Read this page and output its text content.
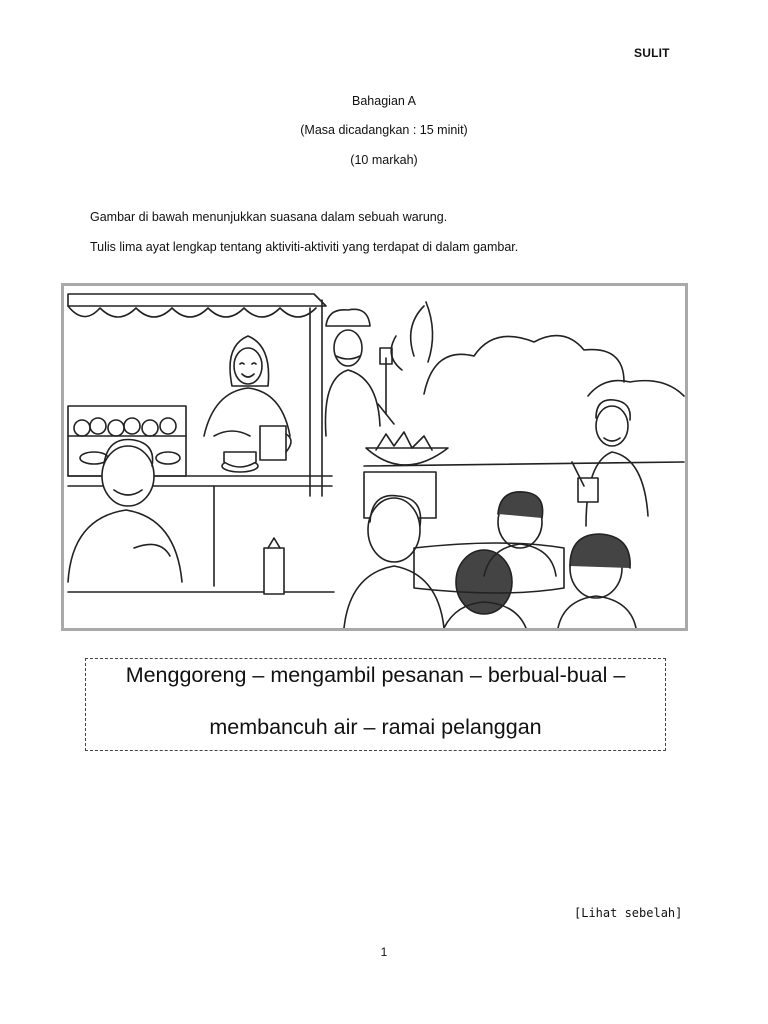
SULIT
Bahagian A
(Masa dicadangkan : 15 minit)
(10 markah)
Gambar di bawah menunjukkan suasana dalam sebuah warung.
Tulis lima ayat lengkap tentang aktiviti-aktiviti yang terdapat di dalam gambar.
Menggoreng – mengambil pesanan – berbual-bual –
membancuh air – ramai pelanggan
[Lihat sebelah]
1
